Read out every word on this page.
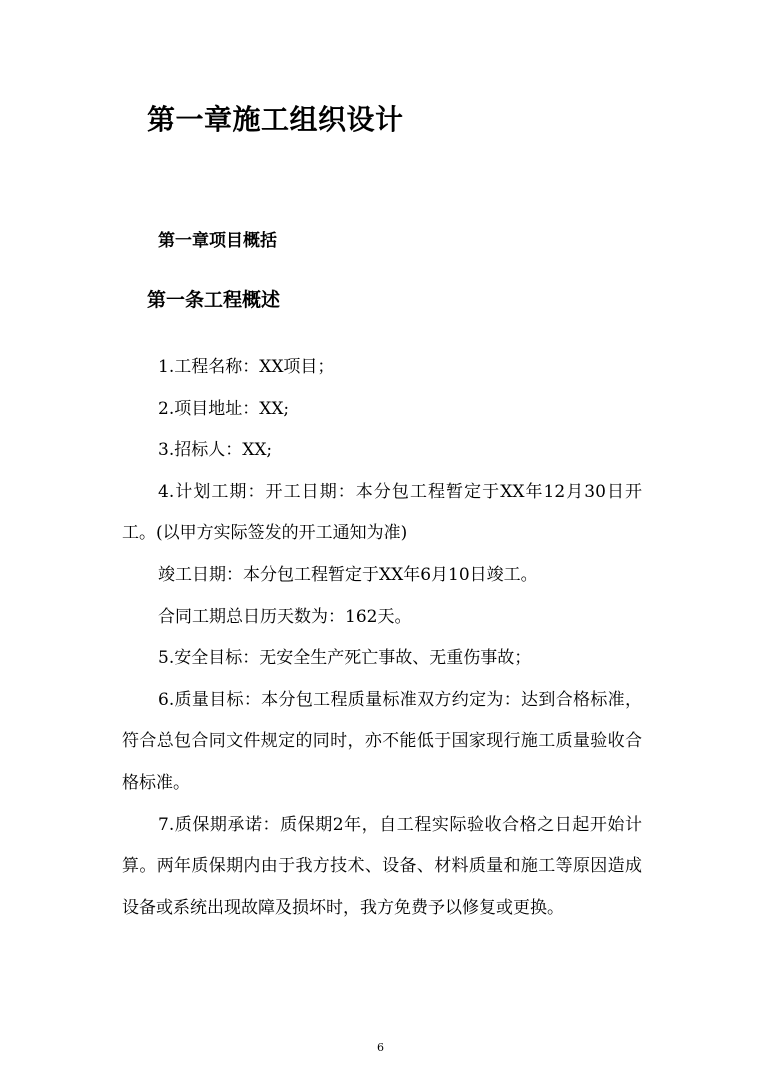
第一章施工组织设计
第一章项目概括
第一条工程概述

1.工程名称：XX项目；

2.项目地址：XX;

3.招标人：XX;

4.计划工期：开工日期：本分包工程暂定于XX年12月30日开工。(以甲方实际签发的开工通知为准)

竣工日期：本分包工程暂定于XX年6月10日竣工。

合同工期总日历天数为：162天。

5.安全目标：无安全生产死亡事故、无重伤事故；

6.质量目标：本分包工程质量标准双方约定为：达到合格标准，符合总包合同文件规定的同时，亦不能低于国家现行施工质量验收合格标准。

7.质保期承诺：质保期2年，自工程实际验收合格之日起开始计算。两年质保期内由于我方技术、设备、材料质量和施工等原因造成设备或系统出现故障及损坏时，我方免费予以修复或更换。

6
